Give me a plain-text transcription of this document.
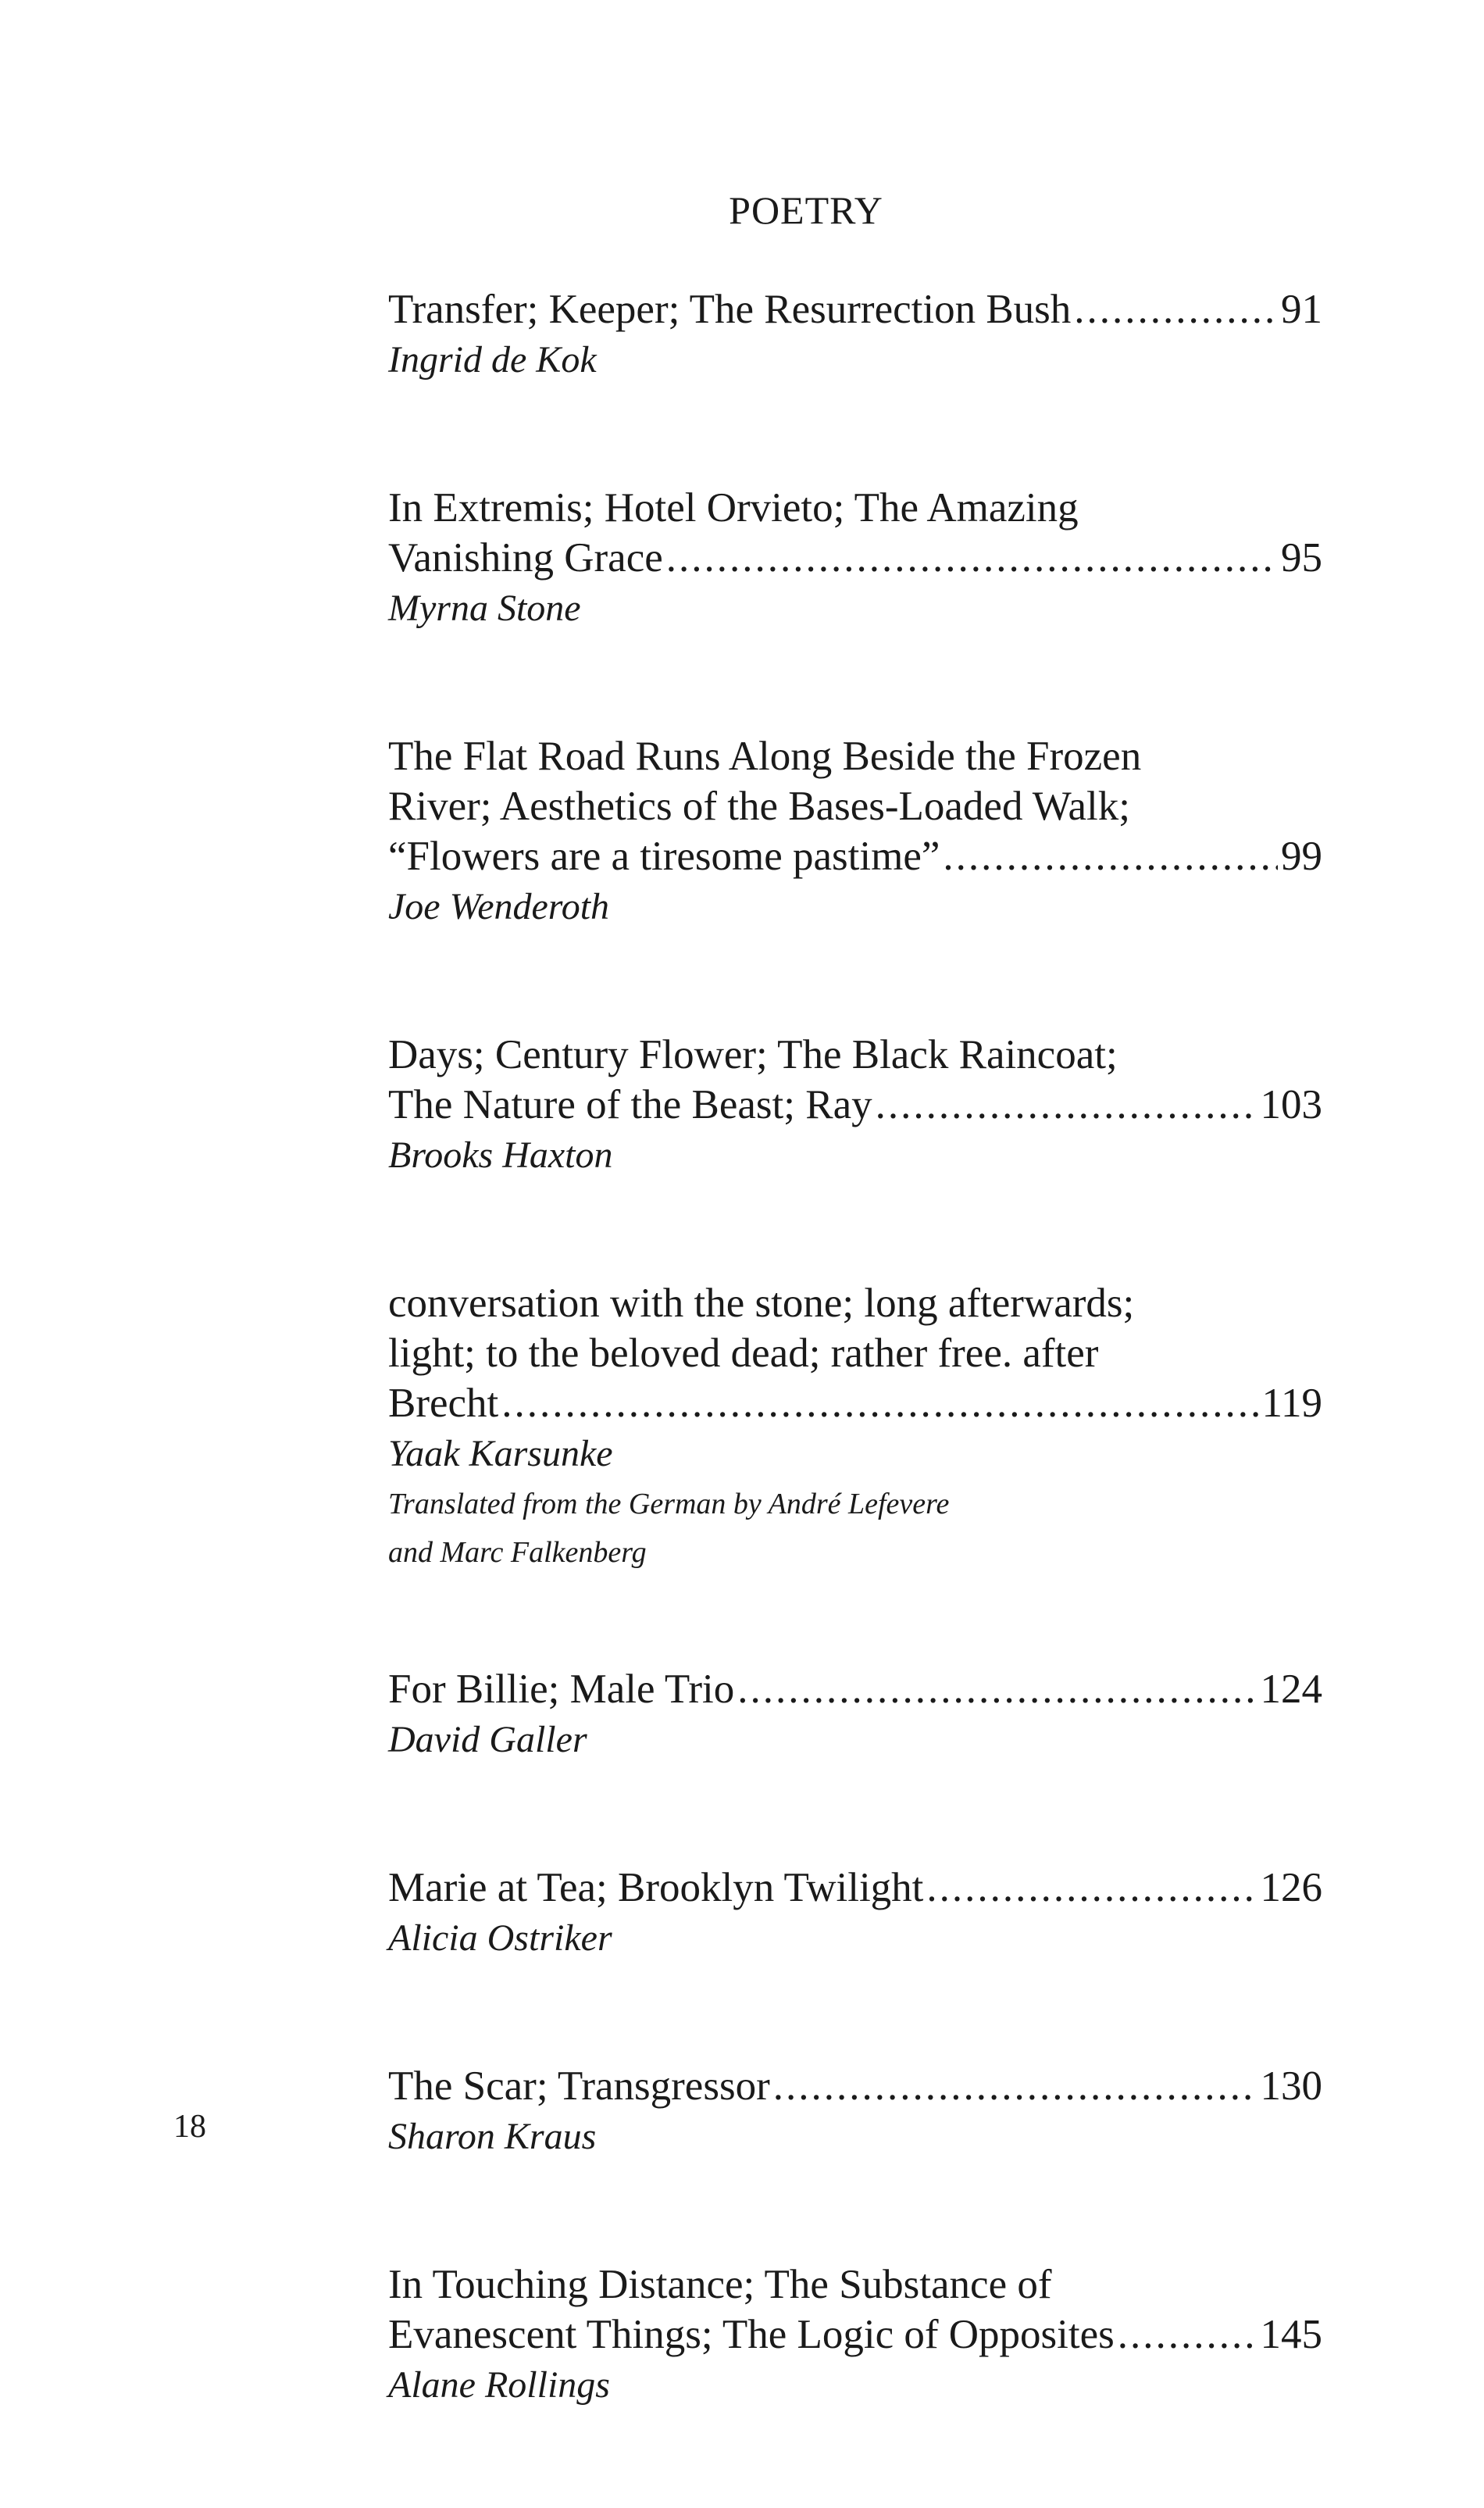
POETRY
Transfer; Keeper; The Resurrection Bush .....	91
Ingrid de Kok
In Extremis; Hotel Orvieto; The Amazing
Vanishing Grace .....	95
Myrna Stone
The Flat Road Runs Along Beside the Frozen
River; Aesthetics of the Bases-Loaded Walk;
“Flowers are a tiresome pastime” .....	99
Joe Wenderoth
Days; Century Flower; The Black Raincoat;
The Nature of the Beast; Ray .....	103
Brooks Haxton
conversation with the stone; long afterwards;
light; to the beloved dead; rather free. after
Brecht .....	119
Yaak Karsunke
Translated from the German by André Lefevere
and Marc Falkenberg
For Billie; Male Trio .....	124
David Galler
Marie at Tea; Brooklyn Twilight .....	126
Alicia Ostriker
The Scar; Transgressor .....	130
Sharon Kraus
In Touching Distance; The Substance of
Evanescent Things; The Logic of Opposites .....	145
Alane Rollings
18
